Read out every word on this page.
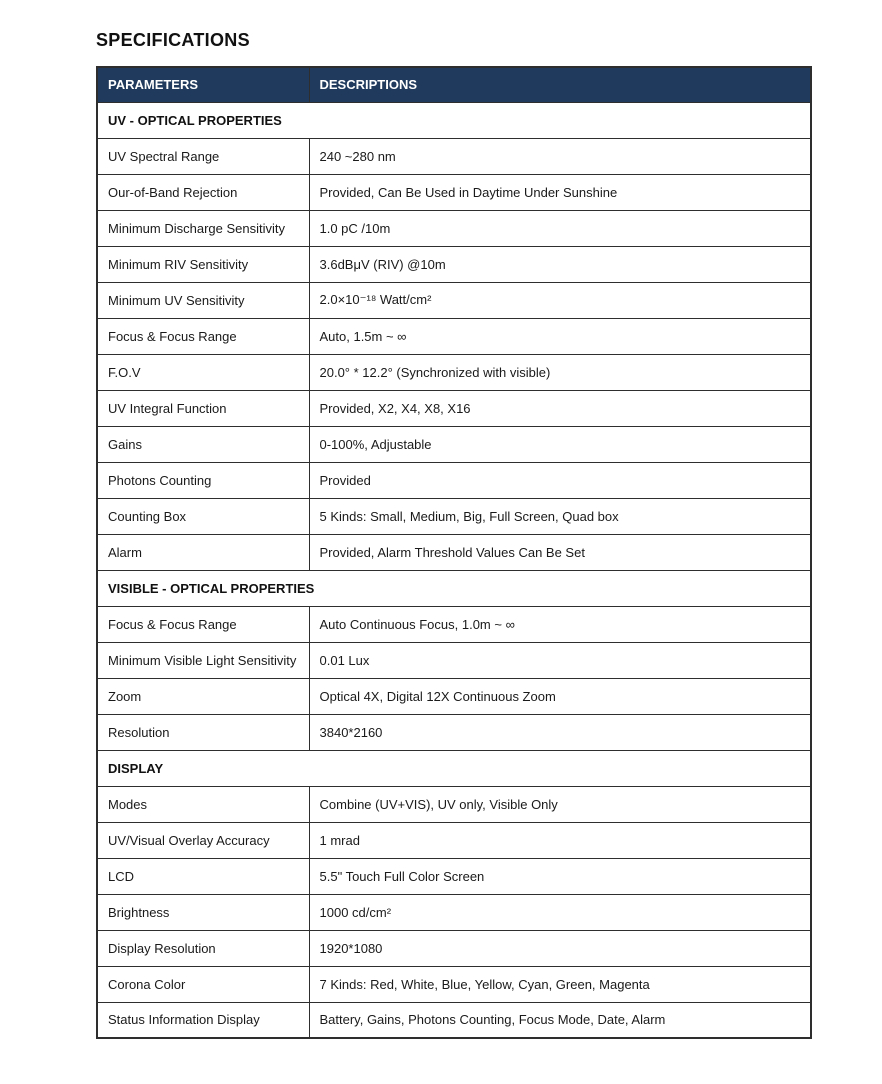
SPECIFICATIONS
PARAMETERS	DESCRIPTIONS
UV - OPTICAL PROPERTIES	
UV Spectral Range	240 ~280 nm
Our-of-Band Rejection	Provided, Can Be Used in Daytime Under Sunshine
Minimum Discharge Sensitivity	1.0 pC /10m
Minimum RIV Sensitivity	3.6dBμV (RIV) @10m
Minimum UV Sensitivity	2.0×10⁻¹⁸ Watt/cm²
Focus & Focus Range	Auto, 1.5m ~ ∞
F.O.V	20.0° * 12.2° (Synchronized with visible)
UV Integral Function	Provided, X2, X4, X8, X16
Gains	0-100%, Adjustable
Photons Counting	Provided
Counting Box	5 Kinds: Small, Medium, Big, Full Screen, Quad box
Alarm	Provided, Alarm Threshold Values Can Be Set
VISIBLE - OPTICAL PROPERTIES	
Focus & Focus Range	Auto Continuous Focus, 1.0m ~ ∞
Minimum Visible Light Sensitivity	0.01 Lux
Zoom	Optical 4X, Digital 12X Continuous Zoom
Resolution	3840*2160
DISPLAY	
Modes	Combine (UV+VIS), UV only, Visible Only
UV/Visual Overlay Accuracy	1 mrad
LCD	5.5" Touch Full Color Screen
Brightness	1000 cd/cm²
Display Resolution	1920*1080
Corona Color	7 Kinds: Red, White, Blue, Yellow, Cyan, Green, Magenta
Status Information Display	Battery, Gains, Photons Counting, Focus Mode, Date, Alarm
